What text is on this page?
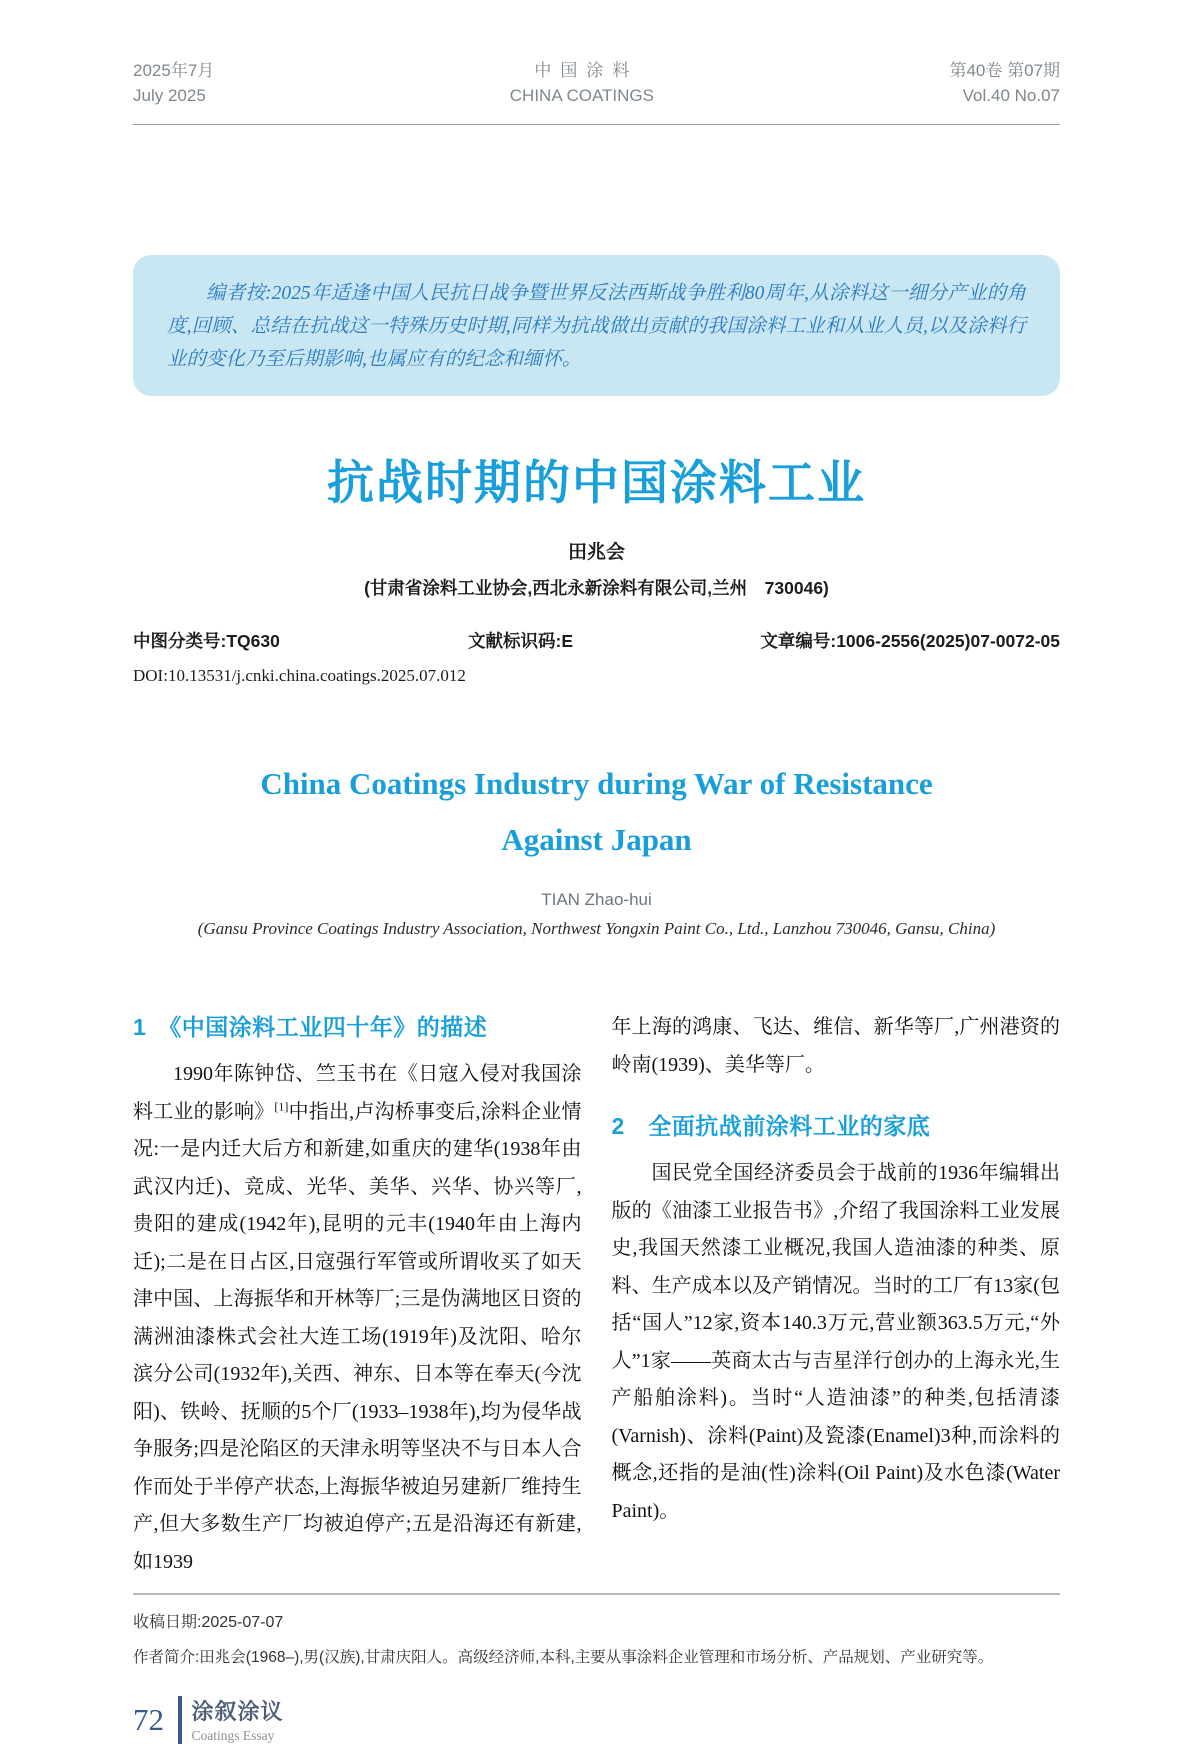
2025年7月
July 2025
中国涂料
CHINA COATINGS
第40卷 第07期
Vol.40 No.07

编者按:2025年适逢中国人民抗日战争暨世界反法西斯战争胜利80周年,从涂料这一细分产业的角度,回顾、总结在抗战这一特殊历史时期,同样为抗战做出贡献的我国涂料工业和从业人员,以及涂料行业的变化乃至后期影响,也属应有的纪念和缅怀。

抗战时期的中国涂料工业
田兆会
(甘肃省涂料工业协会,西北永新涂料有限公司,兰州　730046)
中图分类号:TQ630	文献标识码:E	文章编号:1006-2556(2025)07-0072-05
DOI:10.13531/j.cnki.china.coatings.2025.07.012
China Coatings Industry during War of Resistance
Against Japan
TIAN Zhao-hui
(Gansu Province Coatings Industry Association, Northwest Yongxin Paint Co., Ltd., Lanzhou 730046, Gansu, China)
1　《中国涂料工业四十年》的描述

1990年陈钟岱、竺玉书在《日寇入侵对我国涂料工业的影响》[1]中指出,卢沟桥事变后,涂料企业情况:一是内迁大后方和新建,如重庆的建华(1938年由武汉内迁)、竞成、光华、美华、兴华、协兴等厂,贵阳的建成(1942年),昆明的元丰(1940年由上海内迁);二是在日占区,日寇强行军管或所谓收买了如天津中国、上海振华和开林等厂;三是伪满地区日资的满洲油漆株式会社大连工场(1919年)及沈阳、哈尔滨分公司(1932年),关西、神东、日本等在奉天(今沈阳)、铁岭、抚顺的5个厂(1933–1938年),均为侵华战争服务;四是沦陷区的天津永明等坚决不与日本人合作而处于半停产状态,上海振华被迫另建新厂维持生产,但大多数生产厂均被迫停产;五是沿海还有新建,如1939

年上海的鸿康、飞达、维信、新华等厂,广州港资的岭南(1939)、美华等厂。

2　全面抗战前涂料工业的家底

国民党全国经济委员会于战前的1936年编辑出版的《油漆工业报告书》,介绍了我国涂料工业发展史,我国天然漆工业概况,我国人造油漆的种类、原料、生产成本以及产销情况。当时的工厂有13家(包括“国人”12家,资本140.3万元,营业额363.5万元,“外人”1家——英商太古与吉星洋行创办的上海永光,生产船舶涂料)。当时“人造油漆”的种类,包括清漆(Varnish)、涂料(Paint)及瓷漆(Enamel)3种,而涂料的概念,还指的是油(性)涂料(Oil Paint)及水色漆(Water Paint)。

收稿日期:2025-07-07
作者简介:田兆会(1968–),男(汉族),甘肃庆阳人。高级经济师,本科,主要从事涂料企业管理和市场分析、产品规划、产业研究等。
72 涂叙涂议
Coatings Essay
